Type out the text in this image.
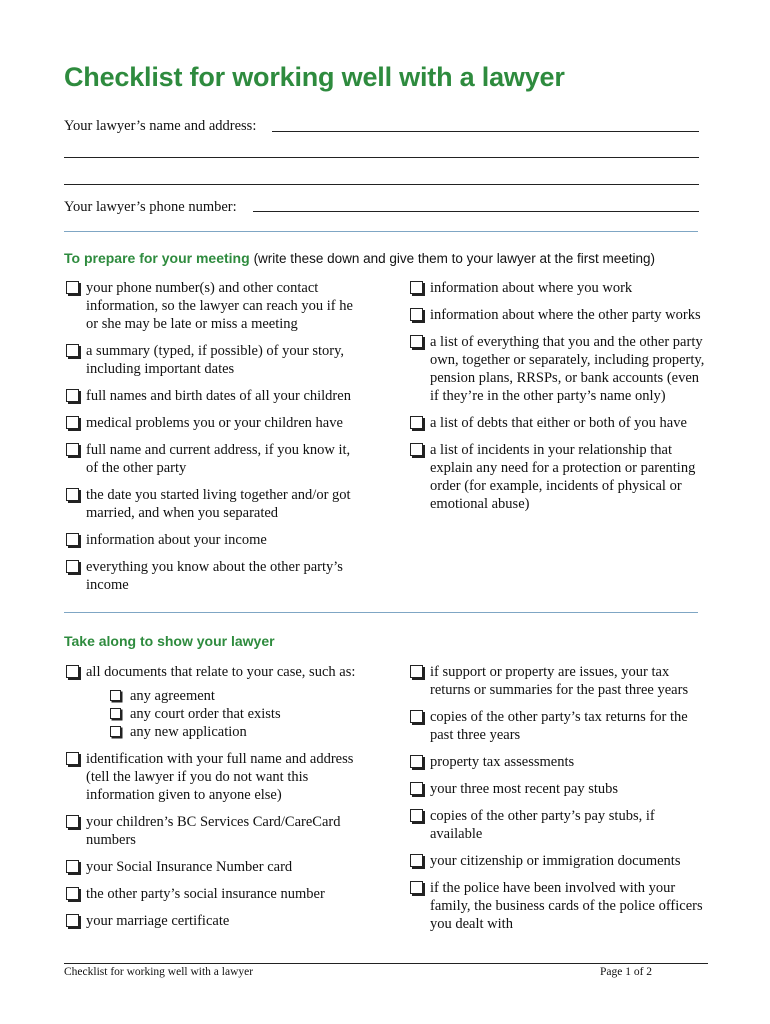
Checklist for working well with a lawyer
Your lawyer’s name and address:
Your lawyer’s phone number:
To prepare for your meeting (write these down and give them to your lawyer at the first meeting)
your phone number(s) and other contact information, so the lawyer can reach you if he or she may be late or miss a meeting
a summary (typed, if possible) of your story, including important dates
full names and birth dates of all your children
medical problems you or your children have
full name and current address, if you know it, of the other party
the date you started living together and/or got married, and when you separated
information about your income
everything you know about the other party’s income
information about where you work
information about where the other party works
a list of everything that you and the other party own, together or separately, including property, pension plans, RRSPs, or bank accounts (even if they’re in the other party’s name only)
a list of debts that either or both of you have
a list of incidents in your relationship that explain any need for a protection or parenting order (for example, incidents of physical or emotional abuse)
Take along to show your lawyer
all documents that relate to your case, such as:
any agreement
any court order that exists
any new application
identification with your full name and address (tell the lawyer if you do not want this information given to anyone else)
your children’s BC Services Card/CareCard numbers
your Social Insurance Number card
the other party’s social insurance number
your marriage certificate
if support or property are issues, your tax returns or summaries for the past three years
copies of the other party’s tax returns for the past three years
property tax assessments
your three most recent pay stubs
copies of the other party’s pay stubs, if available
your citizenship or immigration documents
if the police have been involved with your family, the business cards of the police officers you dealt with
Checklist for working well with a lawyer	Page 1 of 2
